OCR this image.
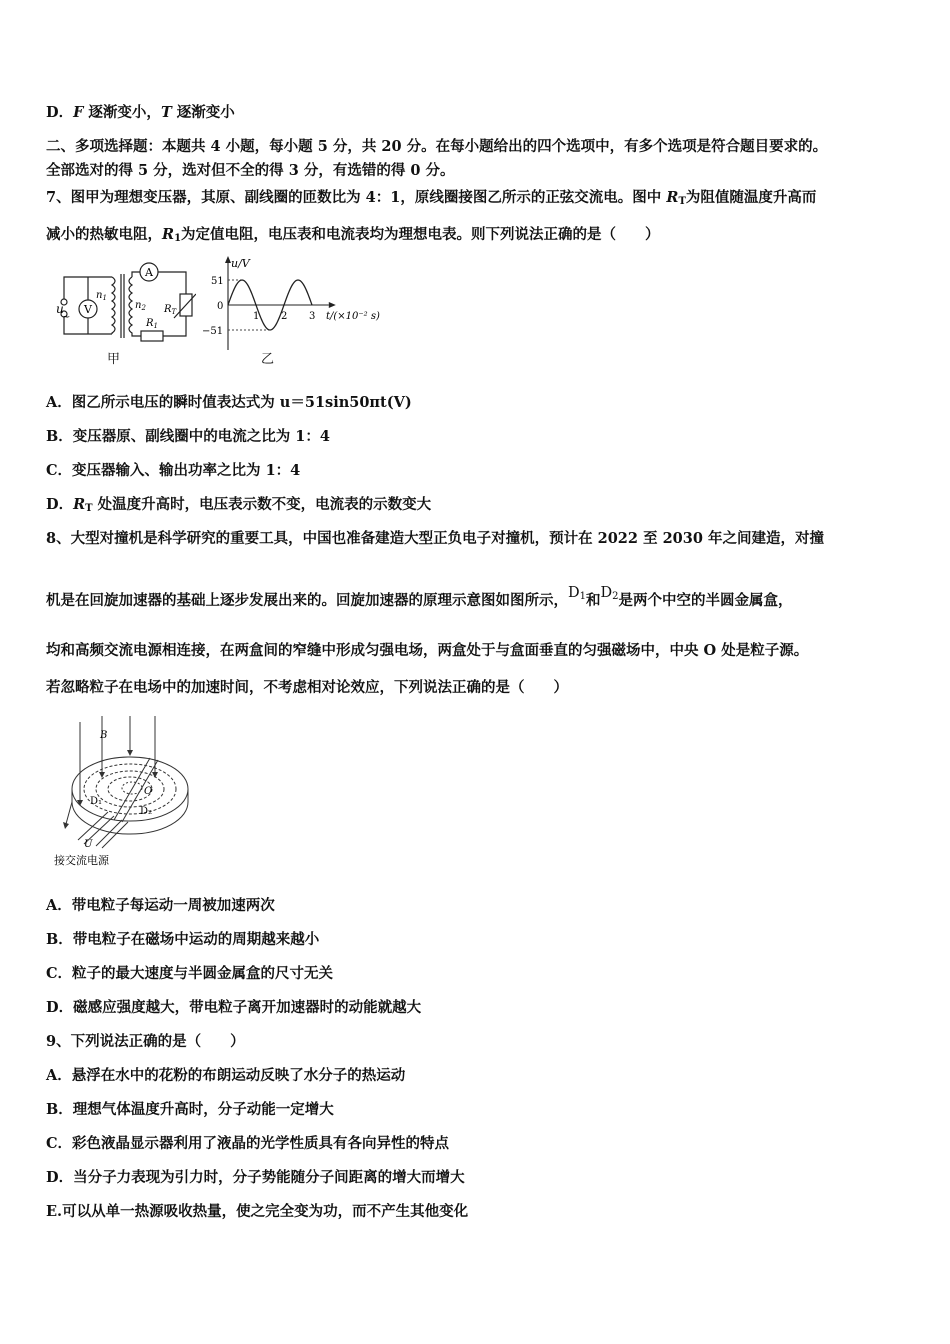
D．F 逐渐变小，T 逐渐变小
二、多项选择题：本题共 4 小题，每小题 5 分，共 20 分。在每小题给出的四个选项中，有多个选项是符合题目要求的。
全部选对的得 5 分，选对但不全的得 3 分，有选错的得 0 分。
7、图甲为理想变压器，其原、副线圈的匝数比为 4：1，原线圈接图乙所示的正弦交流电。图中 $R_T$为阻值随温度升高而
减小的热敏电阻，$R_1$为定值电阻，电压表和电流表均为理想电表。则下列说法正确的是（　　）
u
~
V
A
$n_1$
$n_2$
$R_1$
$R_T$
甲
u/V
51
0
−51
1 2 3 t/(×10⁻² s)
乙
A．图乙所示电压的瞬时值表达式为 u＝51sin50πt(V)
B．变压器原、副线圈中的电流之比为 1：4
C．变压器输入、输出功率之比为 1：4
D．$R_T$ 处温度升高时，电压表示数不变，电流表的示数变大
8、大型对撞机是科学研究的重要工具，中国也准备建造大型正负电子对撞机，预计在 2022 至 2030 年之间建造，对撞
机是在回旋加速器的基础上逐步发展出来的。回旋加速器的原理示意图如图所示，$D_1$和$D_2$是两个中空的半圆金属盒，
均和高频交流电源相连接，在两盒间的窄缝中形成匀强电场，两盒处于与盒面垂直的匀强磁场中，中央 O 处是粒子源。
若忽略粒子在电场中的加速时间，不考虑相对论效应，下列说法正确的是（　　）
B
D₁
D₂
O
U
接交流电源
A．带电粒子每运动一周被加速两次
B．带电粒子在磁场中运动的周期越来越小
C．粒子的最大速度与半圆金属盒的尺寸无关
D．磁感应强度越大，带电粒子离开加速器时的动能就越大
9、下列说法正确的是（　　）
A．悬浮在水中的花粉的布朗运动反映了水分子的热运动
B．理想气体温度升高时，分子动能一定增大
C．彩色液晶显示器利用了液晶的光学性质具有各向异性的特点
D．当分子力表现为引力时，分子势能随分子间距离的增大而增大
E.可以从单一热源吸收热量，使之完全变为功，而不产生其他变化
